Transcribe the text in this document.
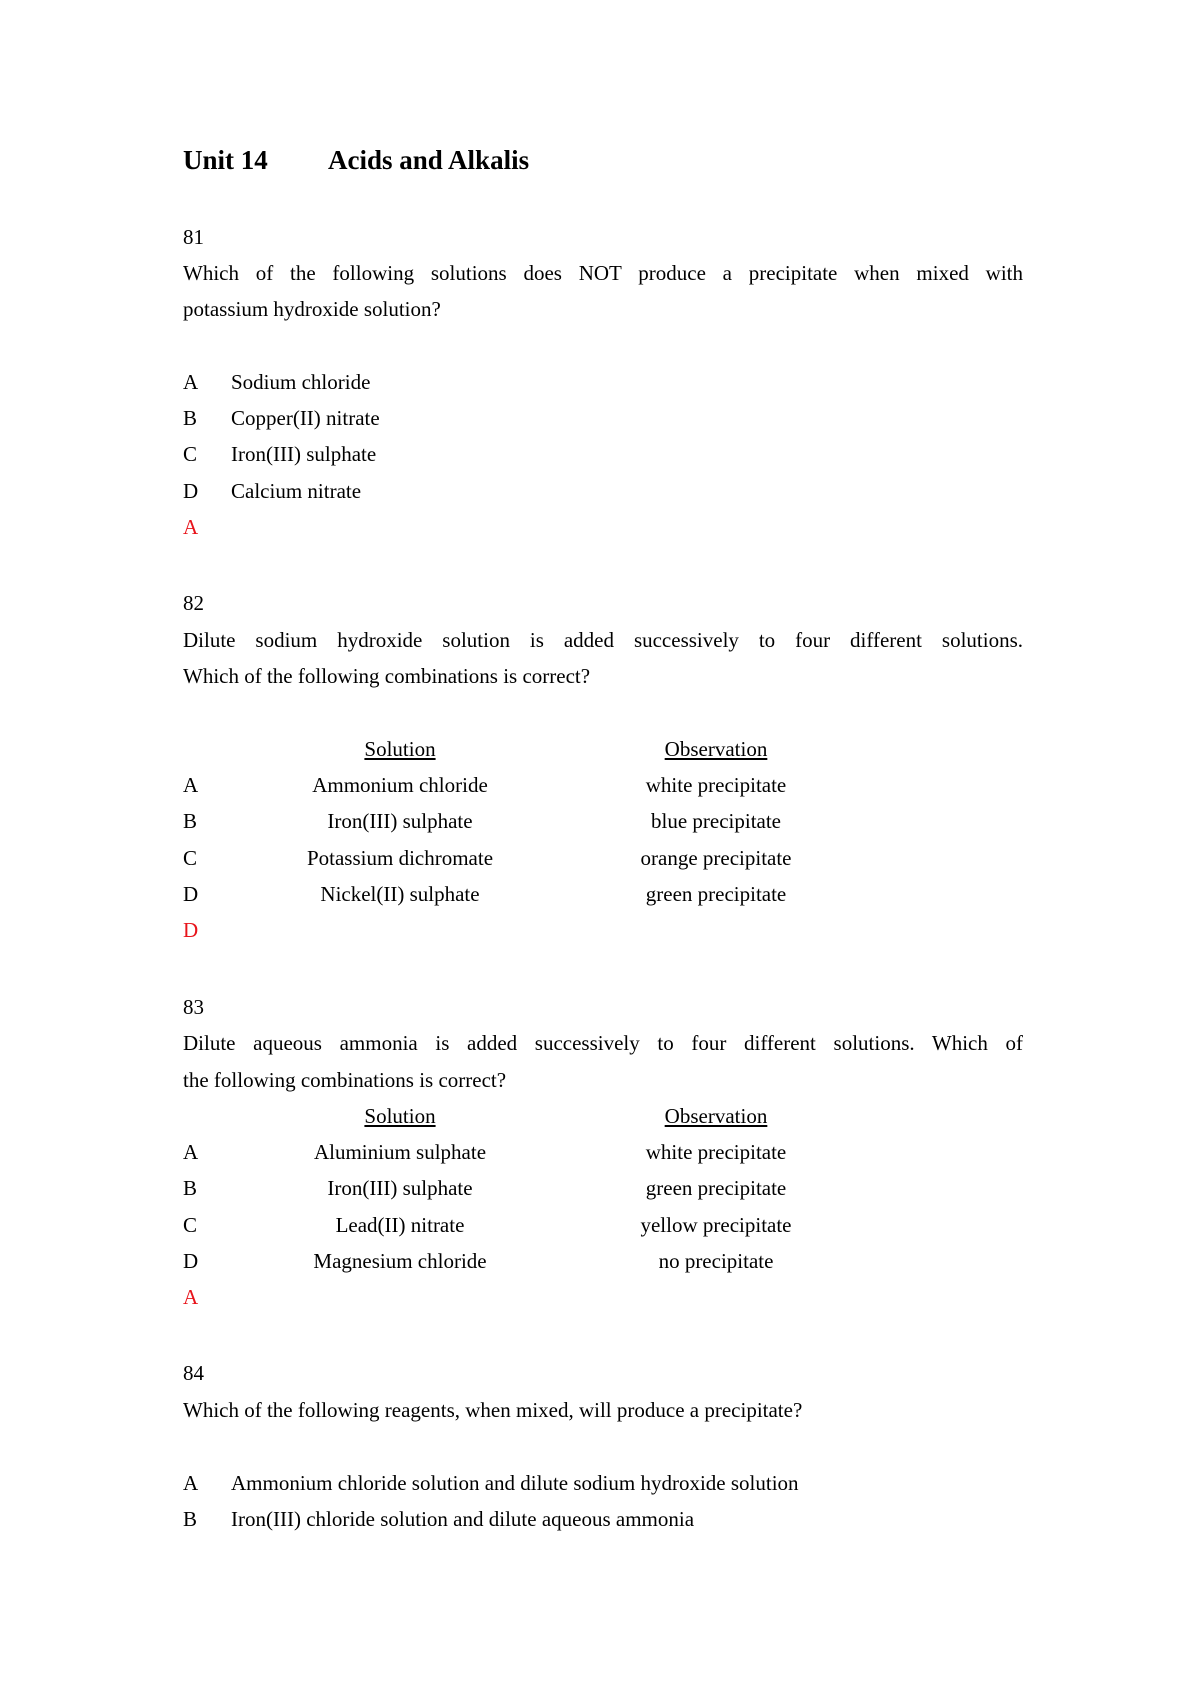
Unit 14 Acids and Alkalis
81
Which of the following solutions does NOT produce a precipitate when mixed with
potassium hydroxide solution?
A Sodium chloride
B Copper(II) nitrate
C Iron(III) sulphate
D Calcium nitrate
A
82
Dilute sodium hydroxide solution is added successively to four different solutions.
Which of the following combinations is correct?
Solution	Observation
A	Ammonium chloride	white precipitate
B	Iron(III) sulphate	blue precipitate
C	Potassium dichromate	orange precipitate
D	Nickel(II) sulphate	green precipitate
D
83
Dilute aqueous ammonia is added successively to four different solutions. Which of
the following combinations is correct?
Solution	Observation
A	Aluminium sulphate	white precipitate
B	Iron(III) sulphate	green precipitate
C	Lead(II) nitrate	yellow precipitate
D	Magnesium chloride	no precipitate
A
84
Which of the following reagents, when mixed, will produce a precipitate?
A Ammonium chloride solution and dilute sodium hydroxide solution
B Iron(III) chloride solution and dilute aqueous ammonia
